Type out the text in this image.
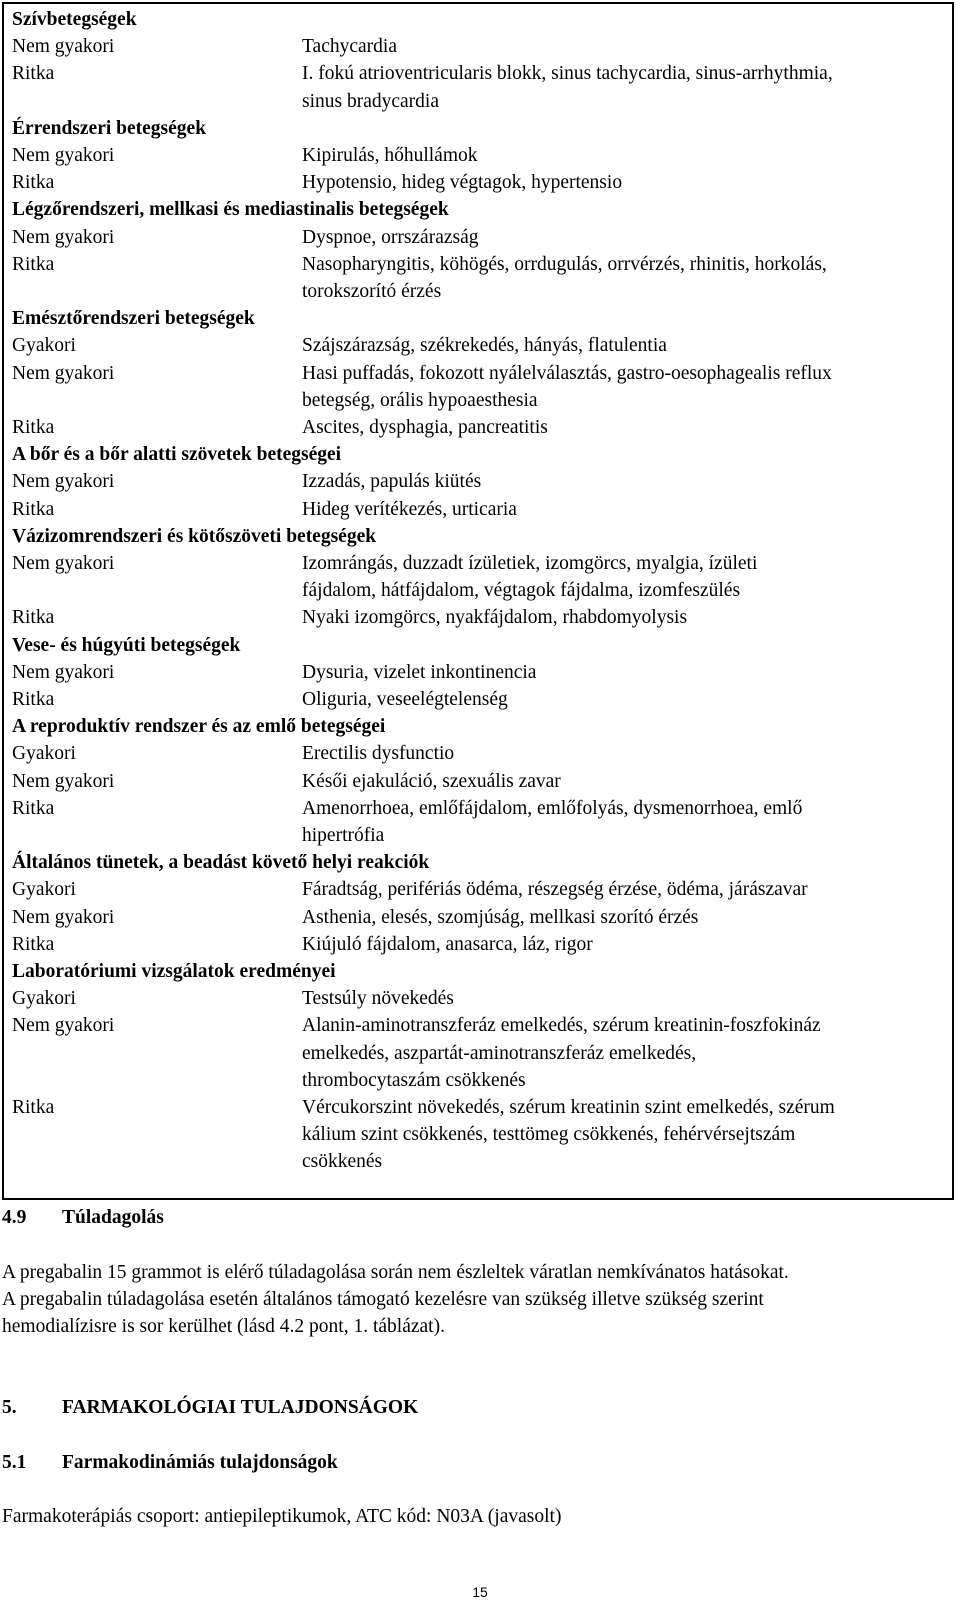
Szívbetegségek
Nem gyakori	Tachycardia
Ritka	I. fokú atrioventricularis blokk, sinus tachycardia, sinus-arrhythmia,
sinus bradycardia
Érrendszeri betegségek
Nem gyakori	Kipirulás, hőhullámok
Ritka	Hypotensio, hideg végtagok, hypertensio
Légzőrendszeri, mellkasi és mediastinalis betegségek
Nem gyakori	Dyspnoe, orrszárazság
Ritka	Nasopharyngitis, köhögés, orrdugulás, orrvérzés, rhinitis, horkolás,
torokszorító érzés
Emésztőrendszeri betegségek
Gyakori	Szájszárazság, székrekedés, hányás, flatulentia
Nem gyakori	Hasi puffadás, fokozott nyálelválasztás, gastro-oesophagealis reflux
betegség, orális hypoaesthesia
Ritka	Ascites, dysphagia, pancreatitis
A bőr és a bőr alatti szövetek betegségei
Nem gyakori	Izzadás, papulás kiütés
Ritka	Hideg verítékezés, urticaria
Vázizomrendszeri és kötőszöveti betegségek
Nem gyakori	Izomrángás, duzzadt ízületiek, izomgörcs, myalgia, ízületi
fájdalom, hátfájdalom, végtagok fájdalma, izomfeszülés
Ritka	Nyaki izomgörcs, nyakfájdalom, rhabdomyolysis
Vese- és húgyúti betegségek
Nem gyakori	Dysuria, vizelet inkontinencia
Ritka	Oliguria, veseelégtelenség
A reproduktív rendszer és az emlő betegségei
Gyakori	Erectilis dysfunctio
Nem gyakori	Késői ejakuláció, szexuális zavar
Ritka	Amenorrhoea, emlőfájdalom, emlőfolyás, dysmenorrhoea, emlő
hipertrófia
Általános tünetek, a beadást követő helyi reakciók
Gyakori	Fáradtság, perifériás ödéma, részegség érzése, ödéma, járászavar
Nem gyakori	Asthenia, elesés, szomjúság, mellkasi szorító érzés
Ritka	Kiújuló fájdalom, anasarca, láz, rigor
Laboratóriumi vizsgálatok eredményei
Gyakori	Testsúly növekedés
Nem gyakori	Alanin-aminotranszferáz emelkedés, szérum kreatinin-foszfokináz
emelkedés, aszpartát-aminotranszferáz emelkedés,
thrombocytaszám csökkenés
Ritka	Vércukorszint növekedés, szérum kreatinin szint emelkedés, szérum
kálium szint csökkenés, testtömeg csökkenés, fehérvérsejtszám
csökkenés
4.9 Túladagolás
A pregabalin 15 grammot is elérő túladagolása során nem észleltek váratlan nemkívánatos hatásokat.
A pregabalin túladagolása esetén általános támogató kezelésre van szükség illetve szükség szerint
hemodialízisre is sor kerülhet (lásd 4.2 pont, 1. táblázat).
5. FARMAKOLÓGIAI TULAJDONSÁGOK
5.1 Farmakodinámiás tulajdonságok
Farmakoterápiás csoport: antiepileptikumok, ATC kód: N03A (javasolt)
15
